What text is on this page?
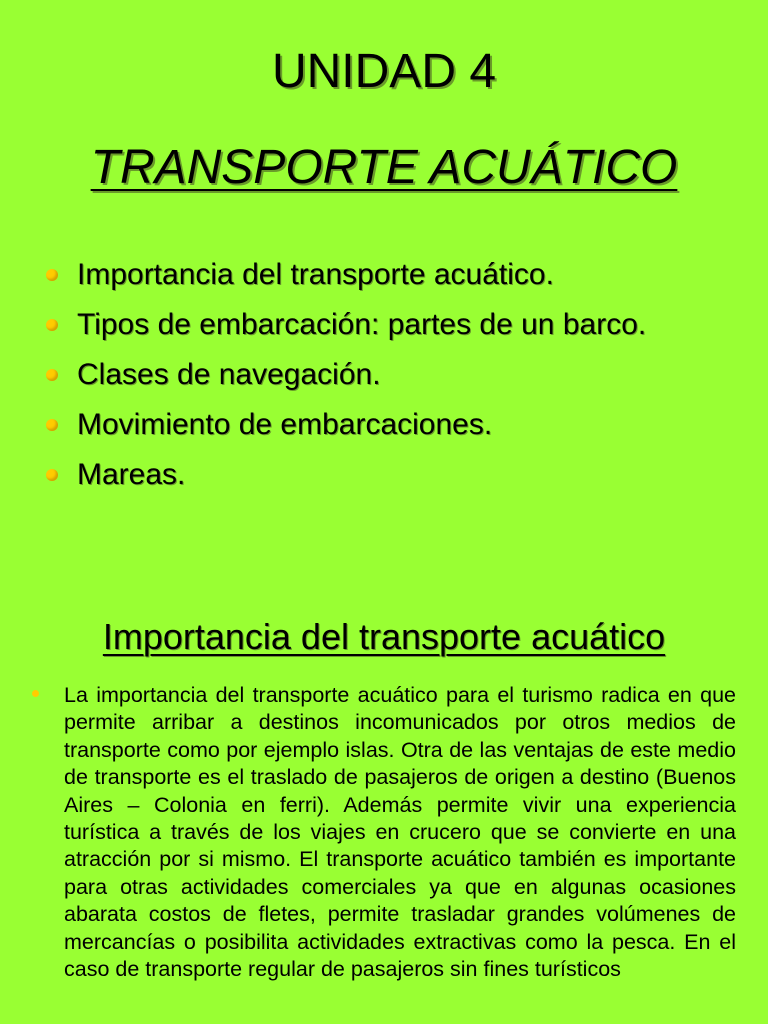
UNIDAD 4
TRANSPORTE ACUÁTICO
Importancia del transporte acuático.
Tipos de embarcación: partes de un barco.
Clases de navegación.
Movimiento de embarcaciones.
Mareas.
Importancia del transporte acuático

La importancia del transporte acuático para el turismo radica en que permite arribar a destinos incomunicados por otros medios de transporte como por ejemplo islas. Otra de las ventajas de este medio de transporte es el traslado de pasajeros de origen a destino (Buenos Aires – Colonia en ferri). Además permite vivir una experiencia turística a través de los viajes en crucero que se convierte en una atracción por si mismo. El transporte acuático también es importante para otras actividades comerciales ya que en algunas ocasiones abarata costos de fletes, permite trasladar grandes volúmenes de mercancías o posibilita actividades extractivas como la pesca. En el caso de transporte regular de pasajeros sin fines turísticos
